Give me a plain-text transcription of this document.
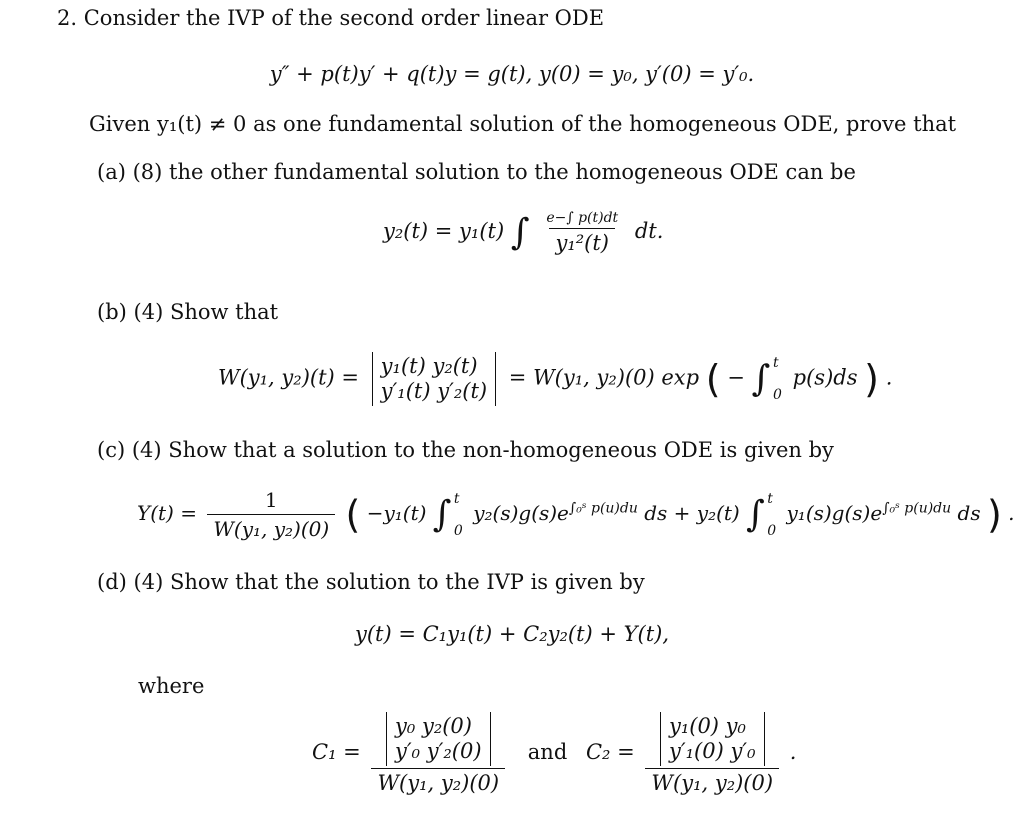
2. Consider the IVP of the second order linear ODE
y″ + p(t)y′ + q(t)y = g(t), y(0) = y₀, y′(0) = y′₀.
Given y₁(t) ≠ 0 as one fundamental solution of the homogeneous ODE, prove that
(a) (8) the other fundamental solution to the homogeneous ODE can be
y₂(t) = y₁(t) ∫ $\frac{e-\int p(t)dt}{\text{y₁²(t)}}$ dt.
(b) (4) Show that
W(y₁, y₂)(t) = y₁(t) y₂(t)
y′₁(t) y′₂(t)
= W(y₁, y₂)(0) exp ( − ∫ t
0
p(s)ds ) .
(c) (4) Show that a solution to the non-homogeneous ODE is given by
$Y(t) = \frac{1}{\text{W(y₁, y₂)(0)}}$ ( −y₁(t) ∫ t
0
$y_2(s)g(s)e^{\int_0ˢ p(u)du}$ ds + y₂(t) ∫ t
0
$y_1(s)g(s)e^{\int_0ˢ p(u)du}$ ds ) .
(d) (4) Show that the solution to the IVP is given by
y(t) = C₁y₁(t) + C₂y₂(t) + Y(t),
where
C₁ = y₀ y₂(0)
y′₀ y′₂(0)
W(y₁, y₂)(0) and C₂ = y₁(0) y₀
y′₁(0) y′₀
W(y₁, y₂)(0) .
